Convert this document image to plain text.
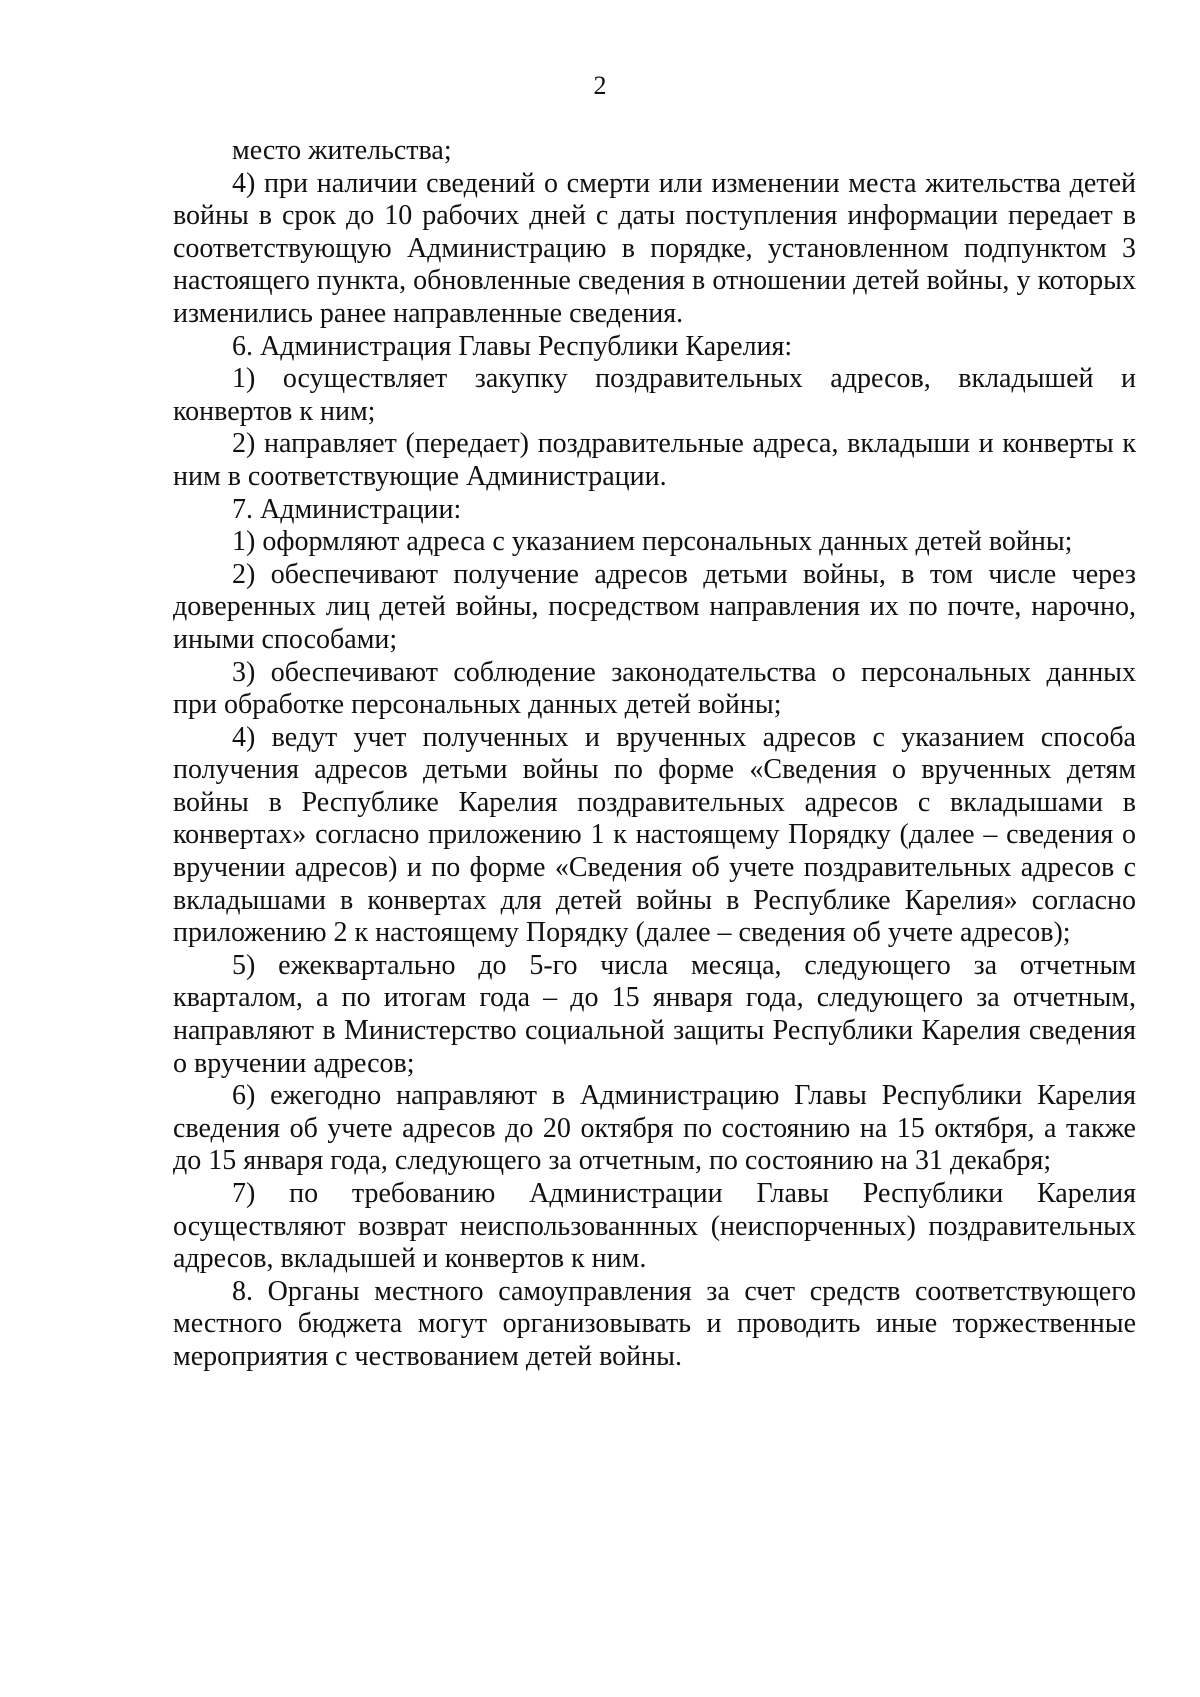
2

место жительства;

4) при наличии сведений о смерти или изменении места жительства детей войны в срок до 10 рабочих дней с даты поступления информации передает в соответствующую Администрацию в порядке, установленном подпунктом 3 настоящего пункта, обновленные сведения в отношении детей войны, у которых изменились ранее направленные сведения.

6. Администрация Главы Республики Карелия:

1) осуществляет закупку поздравительных адресов, вкладышей и конвертов к ним;

2) направляет (передает) поздравительные адреса, вкладыши и конверты к ним в соответствующие Администрации.

7. Администрации:

1) оформляют адреса с указанием персональных данных детей войны;

2) обеспечивают получение адресов детьми войны, в том числе через доверенных лиц детей войны, посредством направления их по почте, нарочно, иными способами;

3) обеспечивают соблюдение законодательства о персональных данных при обработке персональных данных детей войны;

4) ведут учет полученных и врученных адресов с указанием способа получения адресов детьми войны по форме «Сведения о врученных детям войны в Республике Карелия поздравительных адресов с вкладышами в конвертах» согласно приложению 1 к настоящему Порядку (далее – сведения о вручении адресов) и по форме «Сведения об учете поздравительных адресов с вкладышами в конвертах для детей войны в Республике Карелия» согласно приложению 2 к настоящему Порядку (далее – сведения об учете адресов);

5) ежеквартально до 5-го числа месяца, следующего за отчетным кварталом, а по итогам года – до 15 января года, следующего за отчетным, направляют в Министерство социальной защиты Республики Карелия сведения о вручении адресов;

6) ежегодно направляют в Администрацию Главы Республики Карелия сведения об учете адресов до 20 октября по состоянию на 15 октября, а также до 15 января года, следующего за отчетным, по состоянию на 31 декабря;

7) по требованию Администрации Главы Республики Карелия осуществляют возврат неиспользованнных (неиспорченных) поздравительных адресов, вкладышей и конвертов к ним.

8. Органы местного самоуправления за счет средств соответствующего местного бюджета могут организовывать и проводить иные торжественные мероприятия с чествованием детей войны.
